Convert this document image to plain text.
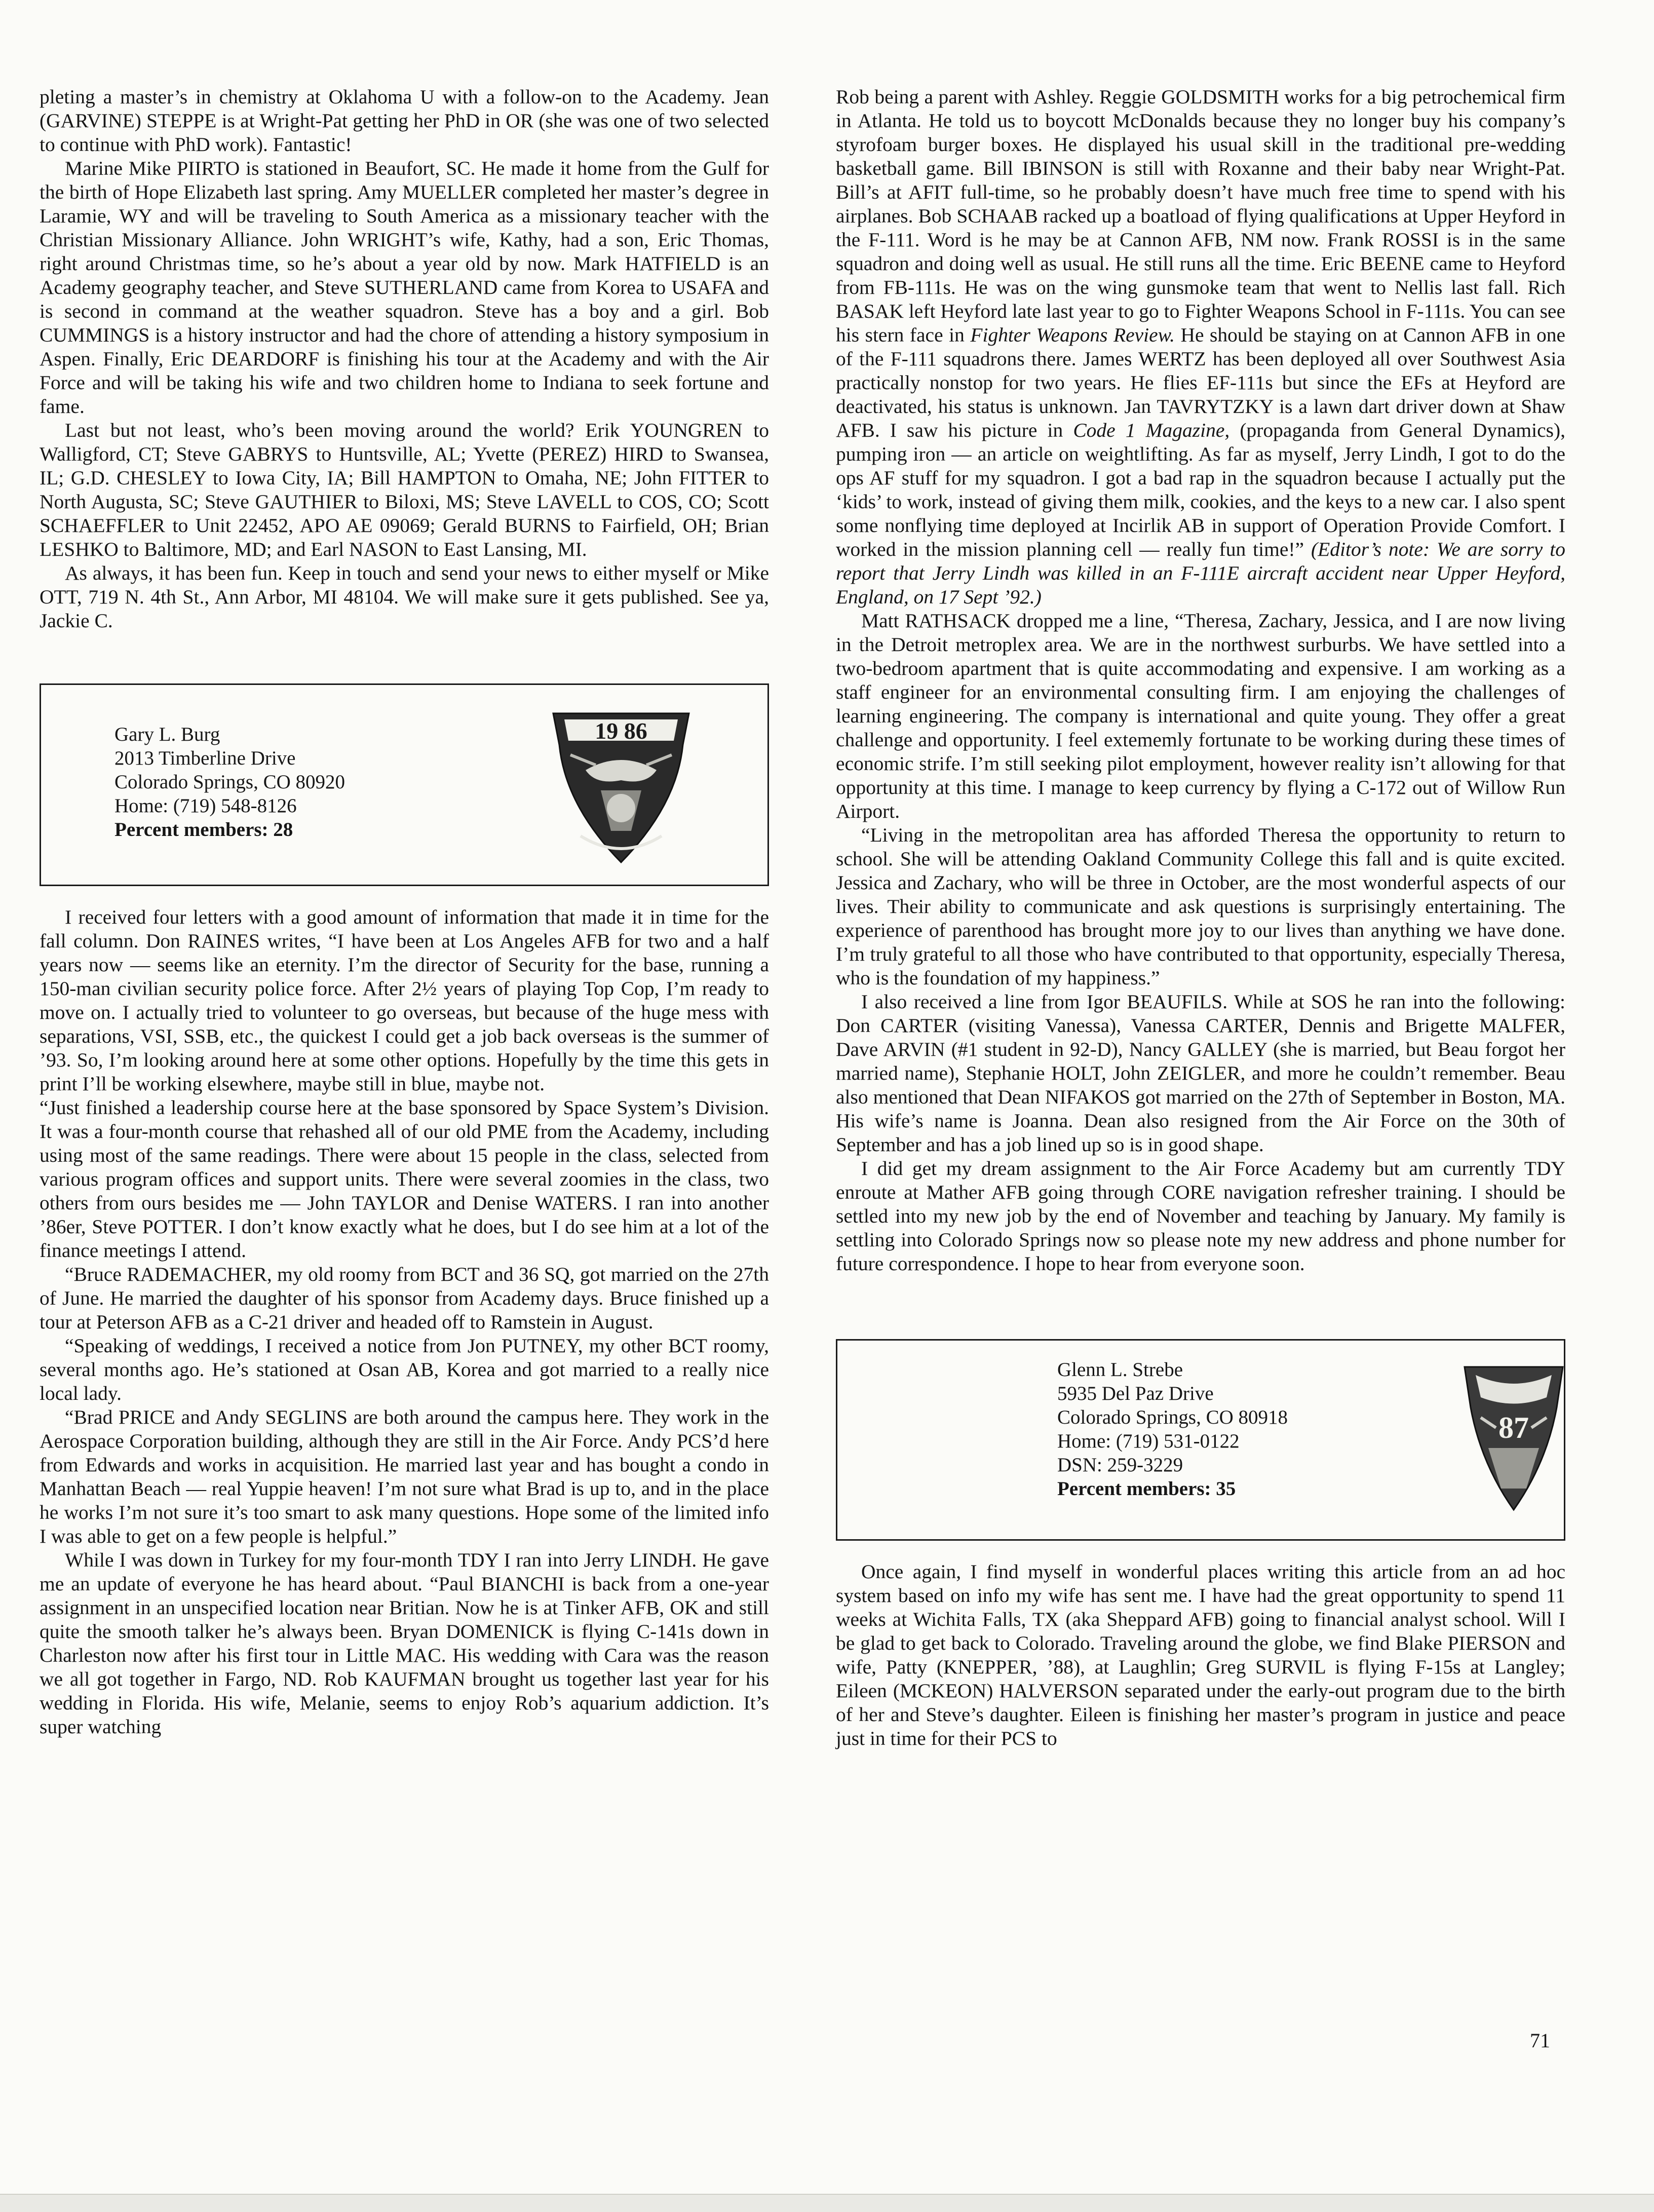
pleting a master’s in chemistry at Oklahoma U with a follow-on to the Academy. Jean (GARVINE) STEPPE is at Wright-Pat getting her PhD in OR (she was one of two selected to continue with PhD work). Fantastic!

Marine Mike PIIRTO is stationed in Beaufort, SC. He made it home from the Gulf for the birth of Hope Elizabeth last spring. Amy MUELLER completed her master’s degree in Laramie, WY and will be traveling to South America as a missionary teacher with the Christian Missionary Alliance. John WRIGHT’s wife, Kathy, had a son, Eric Thomas, right around Christmas time, so he’s about a year old by now. Mark HATFIELD is an Academy geography teacher, and Steve SUTHERLAND came from Korea to USAFA and is second in command at the weather squadron. Steve has a boy and a girl. Bob CUMMINGS is a history instructor and had the chore of attending a history symposium in Aspen. Finally, Eric DEARDORF is finishing his tour at the Academy and with the Air Force and will be taking his wife and two children home to Indiana to seek fortune and fame.

Last but not least, who’s been moving around the world? Erik YOUNGREN to Walligford, CT; Steve GABRYS to Huntsville, AL; Yvette (PEREZ) HIRD to Swansea, IL; G.D. CHESLEY to Iowa City, IA; Bill HAMPTON to Omaha, NE; John FITTER to North Augusta, SC; Steve GAUTHIER to Biloxi, MS; Steve LAVELL to COS, CO; Scott SCHAEFFLER to Unit 22452, APO AE 09069; Gerald BURNS to Fairfield, OH; Brian LESHKO to Baltimore, MD; and Earl NASON to East Lansing, MI.

As always, it has been fun. Keep in touch and send your news to either myself or Mike OTT, 719 N. 4th St., Ann Arbor, MI 48104. We will make sure it gets published. See ya, Jackie C.

Gary L. Burg
2013 Timberline Drive
Colorado Springs, CO 80920
Home: (719) 548-8126
Percent members: 28
19 86

I received four letters with a good amount of information that made it in time for the fall column. Don RAINES writes, “I have been at Los Angeles AFB for two and a half years now — seems like an eternity. I’m the director of Security for the base, running a 150-man civilian security police force. After 2½ years of playing Top Cop, I’m ready to move on. I actually tried to volunteer to go overseas, but because of the huge mess with separations, VSI, SSB, etc., the quickest I could get a job back overseas is the summer of ’93. So, I’m looking around here at some other options. Hopefully by the time this gets in print I’ll be working elsewhere, maybe still in blue, maybe not.

“Just finished a leadership course here at the base sponsored by Space System’s Division. It was a four-month course that rehashed all of our old PME from the Academy, including using most of the same readings. There were about 15 people in the class, selected from various program offices and support units. There were several zoomies in the class, two others from ours besides me — John TAYLOR and Denise WATERS. I ran into another ’86er, Steve POTTER. I don’t know exactly what he does, but I do see him at a lot of the finance meetings I attend.

“Bruce RADEMACHER, my old roomy from BCT and 36 SQ, got married on the 27th of June. He married the daughter of his sponsor from Academy days. Bruce finished up a tour at Peterson AFB as a C-21 driver and headed off to Ramstein in August.

“Speaking of weddings, I received a notice from Jon PUTNEY, my other BCT roomy, several months ago. He’s stationed at Osan AB, Korea and got married to a really nice local lady.

“Brad PRICE and Andy SEGLINS are both around the campus here. They work in the Aerospace Corporation building, although they are still in the Air Force. Andy PCS’d here from Edwards and works in acquisition. He married last year and has bought a condo in Manhattan Beach — real Yuppie heaven! I’m not sure what Brad is up to, and in the place he works I’m not sure it’s too smart to ask many questions. Hope some of the limited info I was able to get on a few people is helpful.”

While I was down in Turkey for my four-month TDY I ran into Jerry LINDH. He gave me an update of everyone he has heard about. “Paul BIANCHI is back from a one-year assignment in an unspecified location near Britian. Now he is at Tinker AFB, OK and still quite the smooth talker he’s always been. Bryan DOMENICK is flying C-141s down in Charleston now after his first tour in Little MAC. His wedding with Cara was the reason we all got together in Fargo, ND. Rob KAUFMAN brought us together last year for his wedding in Florida. His wife, Melanie, seems to enjoy Rob’s aquarium addiction. It’s super watching

Rob being a parent with Ashley. Reggie GOLDSMITH works for a big petrochemical firm in Atlanta. He told us to boycott McDonalds because they no longer buy his company’s styrofoam burger boxes. He displayed his usual skill in the traditional pre-wedding basketball game. Bill IBINSON is still with Roxanne and their baby near Wright-Pat. Bill’s at AFIT full-time, so he probably doesn’t have much free time to spend with his airplanes. Bob SCHAAB racked up a boatload of flying qualifications at Upper Heyford in the F-111. Word is he may be at Cannon AFB, NM now. Frank ROSSI is in the same squadron and doing well as usual. He still runs all the time. Eric BEENE came to Heyford from FB-111s. He was on the wing gunsmoke team that went to Nellis last fall. Rich BASAK left Heyford late last year to go to Fighter Weapons School in F-111s. You can see his stern face in Fighter Weapons Review. He should be staying on at Cannon AFB in one of the F-111 squadrons there. James WERTZ has been deployed all over Southwest Asia practically nonstop for two years. He flies EF-111s but since the EFs at Heyford are deactivated, his status is unknown. Jan TAVRYTZKY is a lawn dart driver down at Shaw AFB. I saw his picture in Code 1 Magazine, (propaganda from General Dynamics), pumping iron — an article on weightlifting. As far as myself, Jerry Lindh, I got to do the ops AF stuff for my squadron. I got a bad rap in the squadron because I actually put the ‘kids’ to work, instead of giving them milk, cookies, and the keys to a new car. I also spent some nonflying time deployed at Incirlik AB in support of Operation Provide Comfort. I worked in the mission planning cell — really fun time!” (Editor’s note: We are sorry to report that Jerry Lindh was killed in an F-111E aircraft accident near Upper Heyford, England, on 17 Sept ’92.)

Matt RATHSACK dropped me a line, “Theresa, Zachary, Jessica, and I are now living in the Detroit metroplex area. We are in the northwest surburbs. We have settled into a two-bedroom apartment that is quite accommodating and expensive. I am working as a staff engineer for an environmental consulting firm. I am enjoying the challenges of learning engineering. The company is international and quite young. They offer a great challenge and opportunity. I feel extememly fortunate to be working during these times of economic strife. I’m still seeking pilot employment, however reality isn’t allowing for that opportunity at this time. I manage to keep currency by flying a C-172 out of Willow Run Airport.

“Living in the metropolitan area has afforded Theresa the opportunity to return to school. She will be attending Oakland Community College this fall and is quite excited. Jessica and Zachary, who will be three in October, are the most wonderful aspects of our lives. Their ability to communicate and ask questions is surprisingly entertaining. The experience of parenthood has brought more joy to our lives than anything we have done. I’m truly grateful to all those who have contributed to that opportunity, especially Theresa, who is the foundation of my happiness.”

I also received a line from Igor BEAUFILS. While at SOS he ran into the following: Don CARTER (visiting Vanessa), Vanessa CARTER, Dennis and Brigette MALFER, Dave ARVIN (#1 student in 92-D), Nancy GALLEY (she is married, but Beau forgot her married name), Stephanie HOLT, John ZEIGLER, and more he couldn’t remember. Beau also mentioned that Dean NIFAKOS got married on the 27th of September in Boston, MA. His wife’s name is Joanna. Dean also resigned from the Air Force on the 30th of September and has a job lined up so is in good shape.

I did get my dream assignment to the Air Force Academy but am currently TDY enroute at Mather AFB going through CORE navigation refresher training. I should be settled into my new job by the end of November and teaching by January. My family is settling into Colorado Springs now so please note my new address and phone number for future correspondence. I hope to hear from everyone soon.

Glenn L. Strebe
5935 Del Paz Drive
Colorado Springs, CO 80918
Home: (719) 531-0122
DSN: 259-3229
Percent members: 35
87

Once again, I find myself in wonderful places writing this article from an ad hoc system based on info my wife has sent me. I have had the great opportunity to spend 11 weeks at Wichita Falls, TX (aka Sheppard AFB) going to financial analyst school. Will I be glad to get back to Colorado. Traveling around the globe, we find Blake PIERSON and wife, Patty (KNEPPER, ’88), at Laughlin; Greg SURVIL is flying F-15s at Langley; Eileen (MCKEON) HALVERSON separated under the early-out program due to the birth of her and Steve’s daughter. Eileen is finishing her master’s program in justice and peace just in time for their PCS to

71
